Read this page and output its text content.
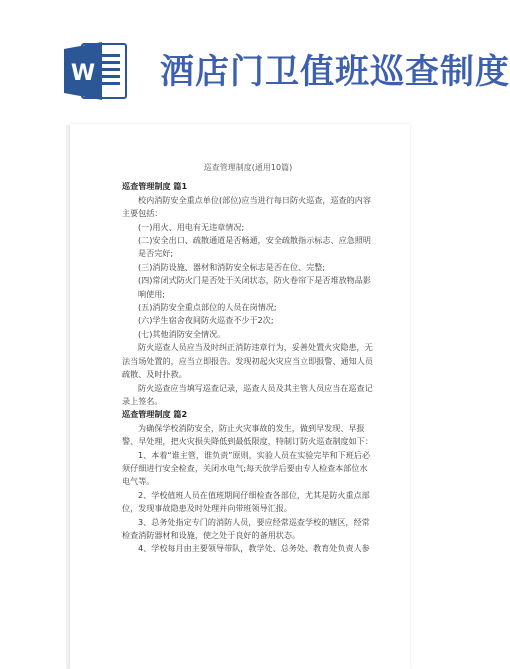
W 酒店门卫值班巡查制度
巡查管理制度(通用10篇)
巡查管理制度 篇1

校内消防安全重点单位(部位)应当进行每日防火巡查，巡查的内容主要包括：

(一)用火、用电有无违章情况;

(二)安全出口、疏散通道是否畅通，安全疏散指示标志、应急照明是否完好;

(三)消防设施、器材和消防安全标志是否在位、完整;

(四)常闭式防火门是否处于关闭状态，防火卷帘下是否堆放物品影响使用;

(五)消防安全重点部位的人员在岗情况;

(六)学生宿舍夜间防火巡查不少于2次;

(七)其他消防安全情况。

防火巡查人员应当及时纠正消防违章行为，妥善处置火灾隐患，无法当场处置的，应当立即报告。发现初起火灾应当立即报警、通知人员疏散、及时扑救。

防火巡查应当填写巡查记录，巡查人员及其主管人员应当在巡查记录上签名。

巡查管理制度 篇2

为确保学校消防安全，防止火灾事故的发生，做到早发现、早报警、早处理，把火灾损失降低到最低限度，特制订防火巡查制度如下：

1、本着“谁主管，谁负责”原则，实验人员在实验完毕和下班后必须仔细进行安全检查，关闭水电气;每天放学后要由专人检查本部位水电气等。

2、学校值班人员在值班期间仔细检查各部位，尤其是防火重点部位，发现事故隐患及时处理并向带班领导汇报。

3、总务处指定专门的消防人员，要应经常巡查学校的辖区，经常检查消防器材和设施，使之处于良好的备用状态。

4、学校每月由主要领导带队，教学处、总务处、教育处负责人参
